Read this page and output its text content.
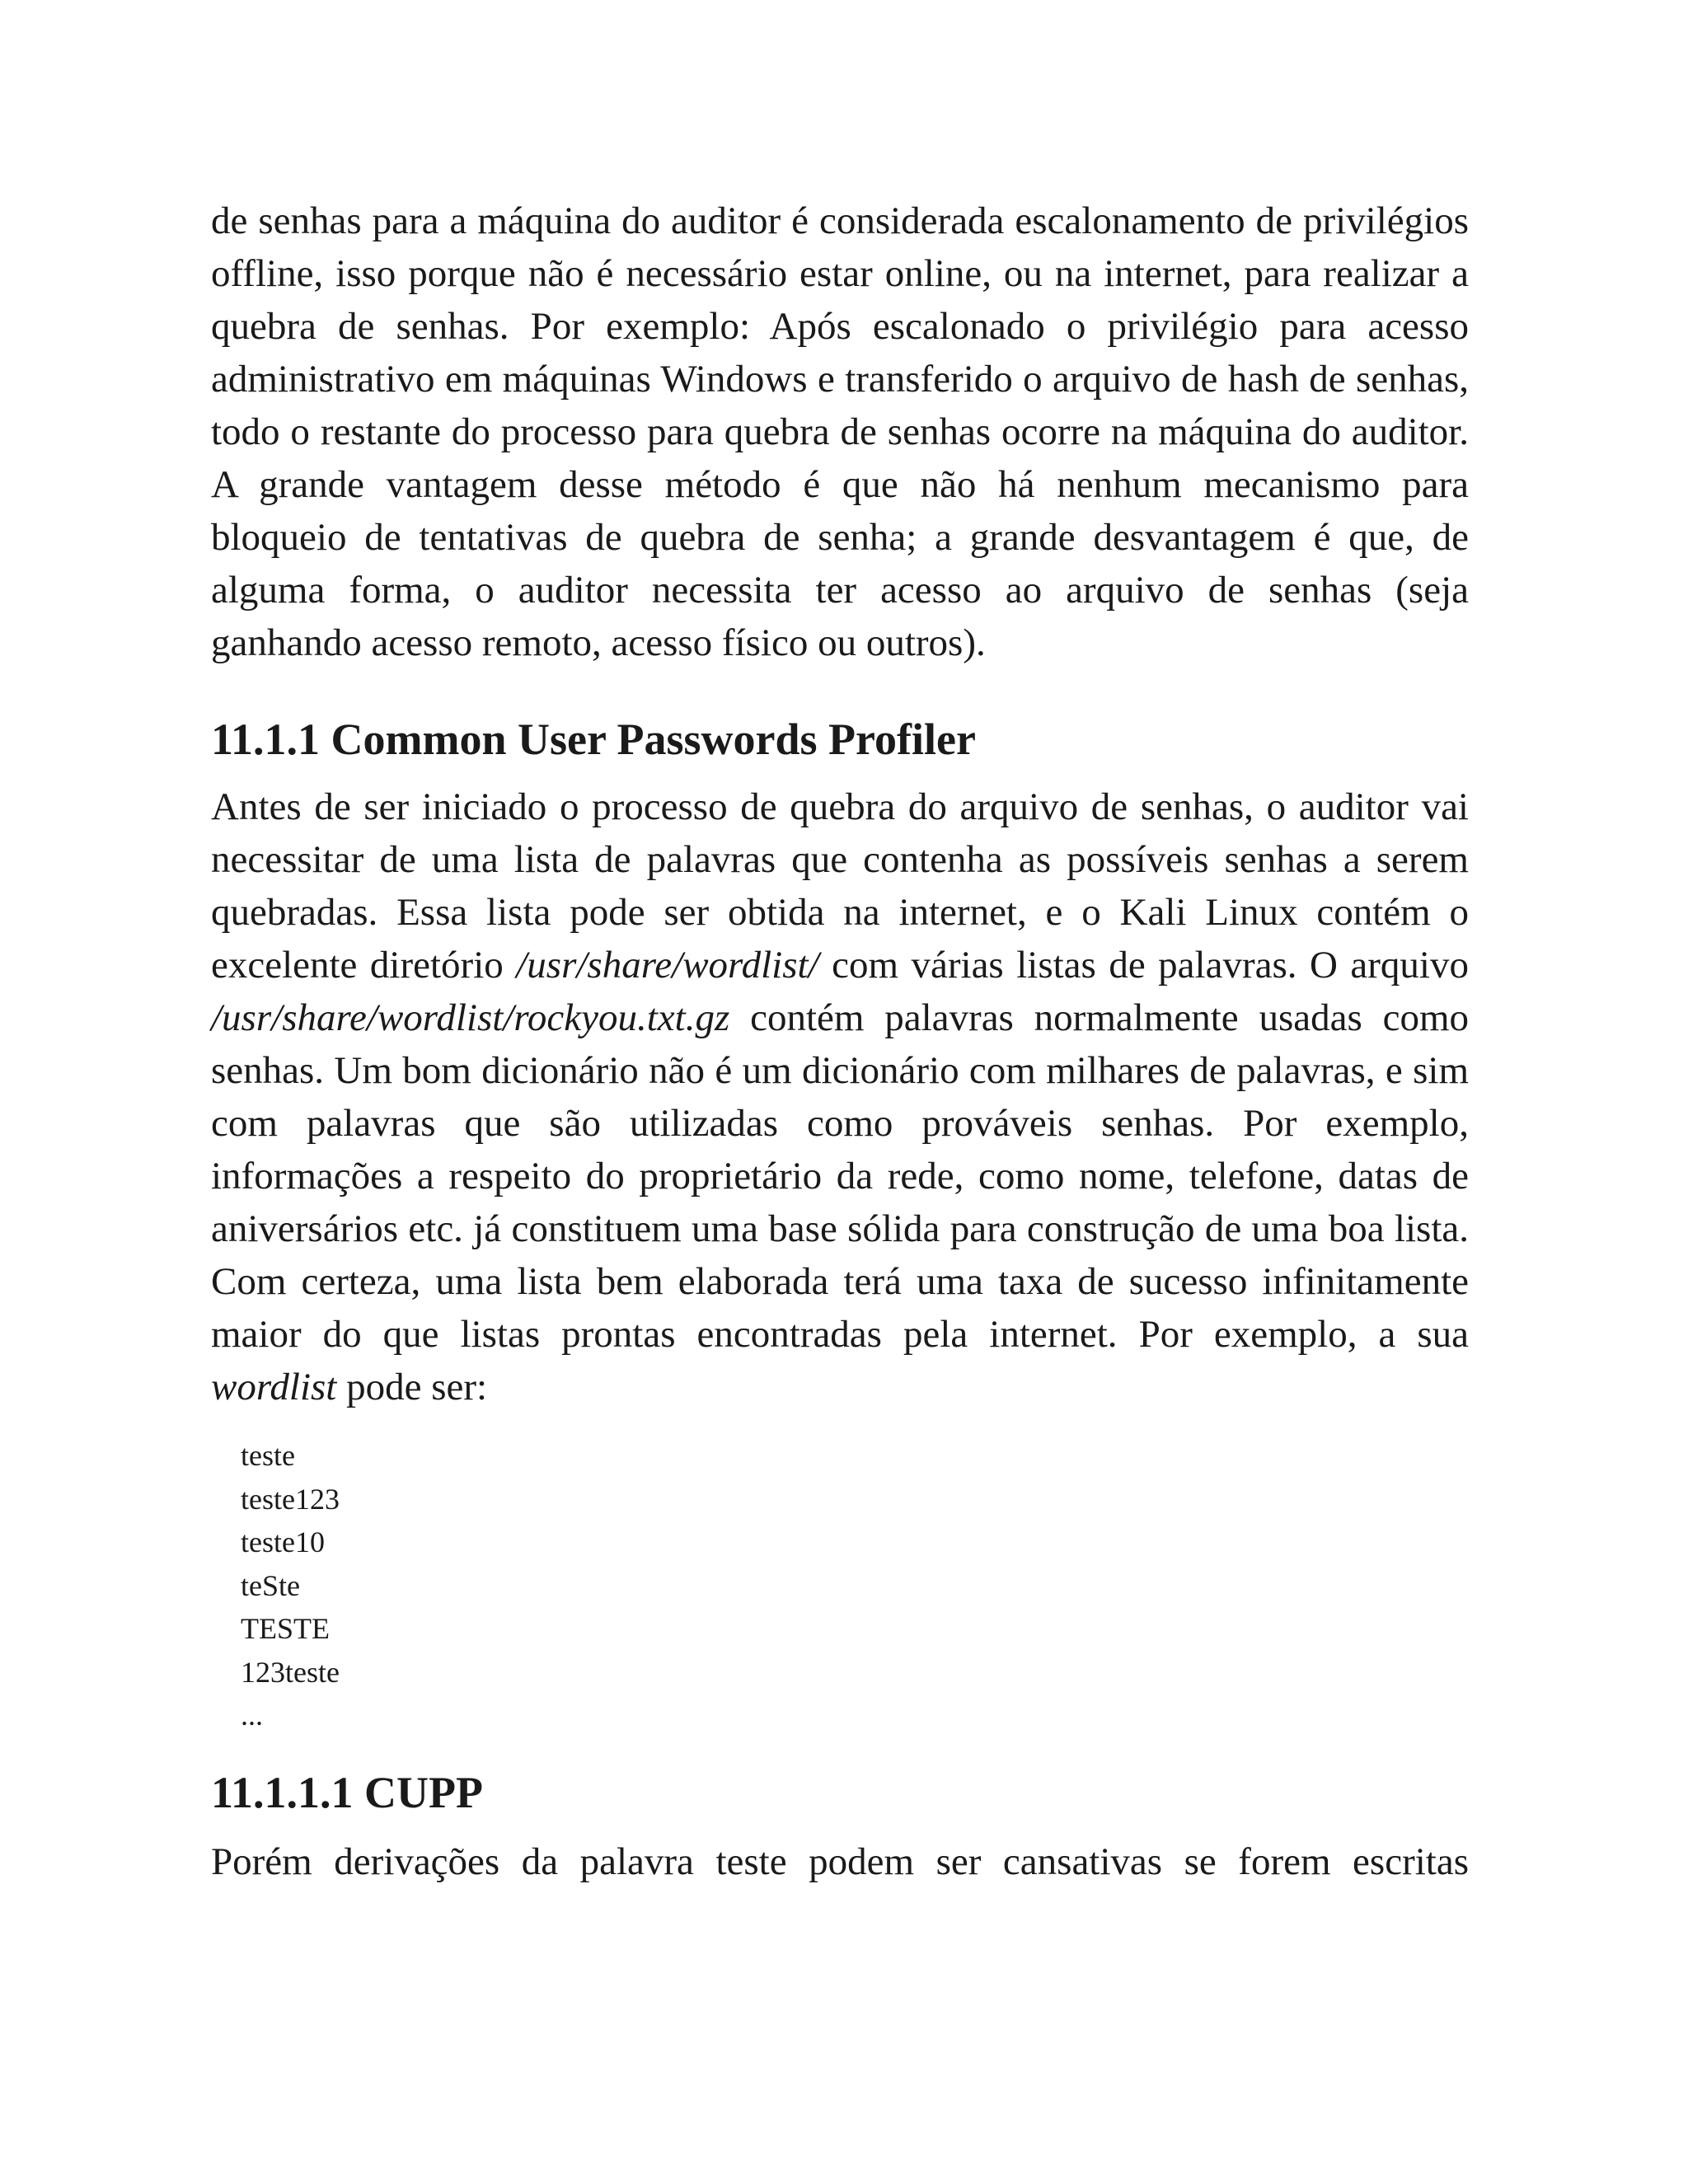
de senhas para a máquina do auditor é considerada escalonamento de privilégios offline, isso porque não é necessário estar online, ou na internet, para realizar a quebra de senhas. Por exemplo: Após escalonado o privilégio para acesso administrativo em máquinas Windows e transferido o arquivo de hash de senhas, todo o restante do processo para quebra de senhas ocorre na máquina do auditor. A grande vantagem desse método é que não há nenhum mecanismo para bloqueio de tentativas de quebra de senha; a grande desvantagem é que, de alguma forma, o auditor necessita ter acesso ao arquivo de senhas (seja ganhando acesso remoto, acesso físico ou outros).

11.1.1 Common User Passwords Profiler

Antes de ser iniciado o processo de quebra do arquivo de senhas, o auditor vai necessitar de uma lista de palavras que contenha as possíveis senhas a serem quebradas. Essa lista pode ser obtida na internet, e o Kali Linux contém o excelente diretório /usr/share/wordlist/ com várias listas de palavras. O arquivo /usr/share/wordlist/rockyou.txt.gz contém palavras normalmente usadas como senhas. Um bom dicionário não é um dicionário com milhares de palavras, e sim com palavras que são utilizadas como prováveis senhas. Por exemplo, informações a respeito do proprietário da rede, como nome, telefone, datas de aniversários etc. já constituem uma base sólida para construção de uma boa lista. Com certeza, uma lista bem elaborada terá uma taxa de sucesso infinitamente maior do que listas prontas encontradas pela internet. Por exemplo, a sua wordlist pode ser:

teste
teste123
teste10
teSte
TESTE
123teste
...
11.1.1.1 CUPP

Porém derivações da palavra teste podem ser cansativas se forem escritas
